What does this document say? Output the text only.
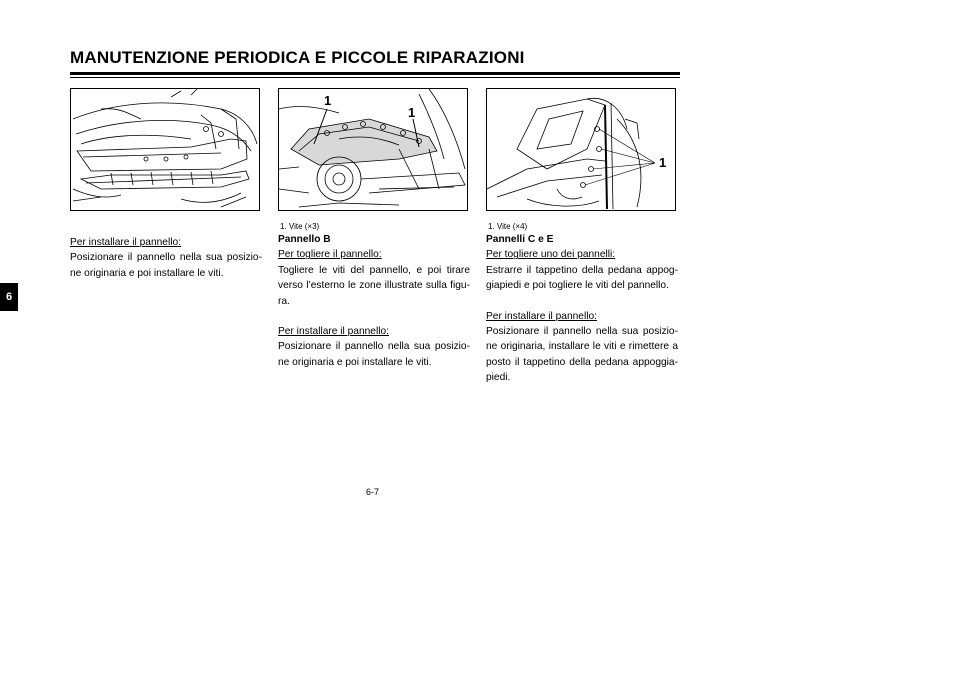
MANUTENZIONE PERIODICA E PICCOLE RIPARAZIONI
6
1
1
1
1. Vite (×3)	1. Vite (×4)
Per installare il pannello:
Posizionare il pannello nella sua posizio-ne originaria e poi installare le viti.
Pannello B
Per togliere il pannello:
Togliere le viti del pannello, e poi tirare verso l’esterno le zone illustrate sulla figu-ra.
Per installare il pannello:
Posizionare il pannello nella sua posizio-ne originaria e poi installare le viti.
Pannelli C e E
Per togliere uno dei pannelli:
Estrarre il tappetino della pedana appog-giapiedi e poi togliere le viti del pannello.
Per installare il pannello:
Posizionare il pannello nella sua posizio-ne originaria, installare le viti e rimettere a posto il tappetino della pedana appoggia-piedi.
6-7
